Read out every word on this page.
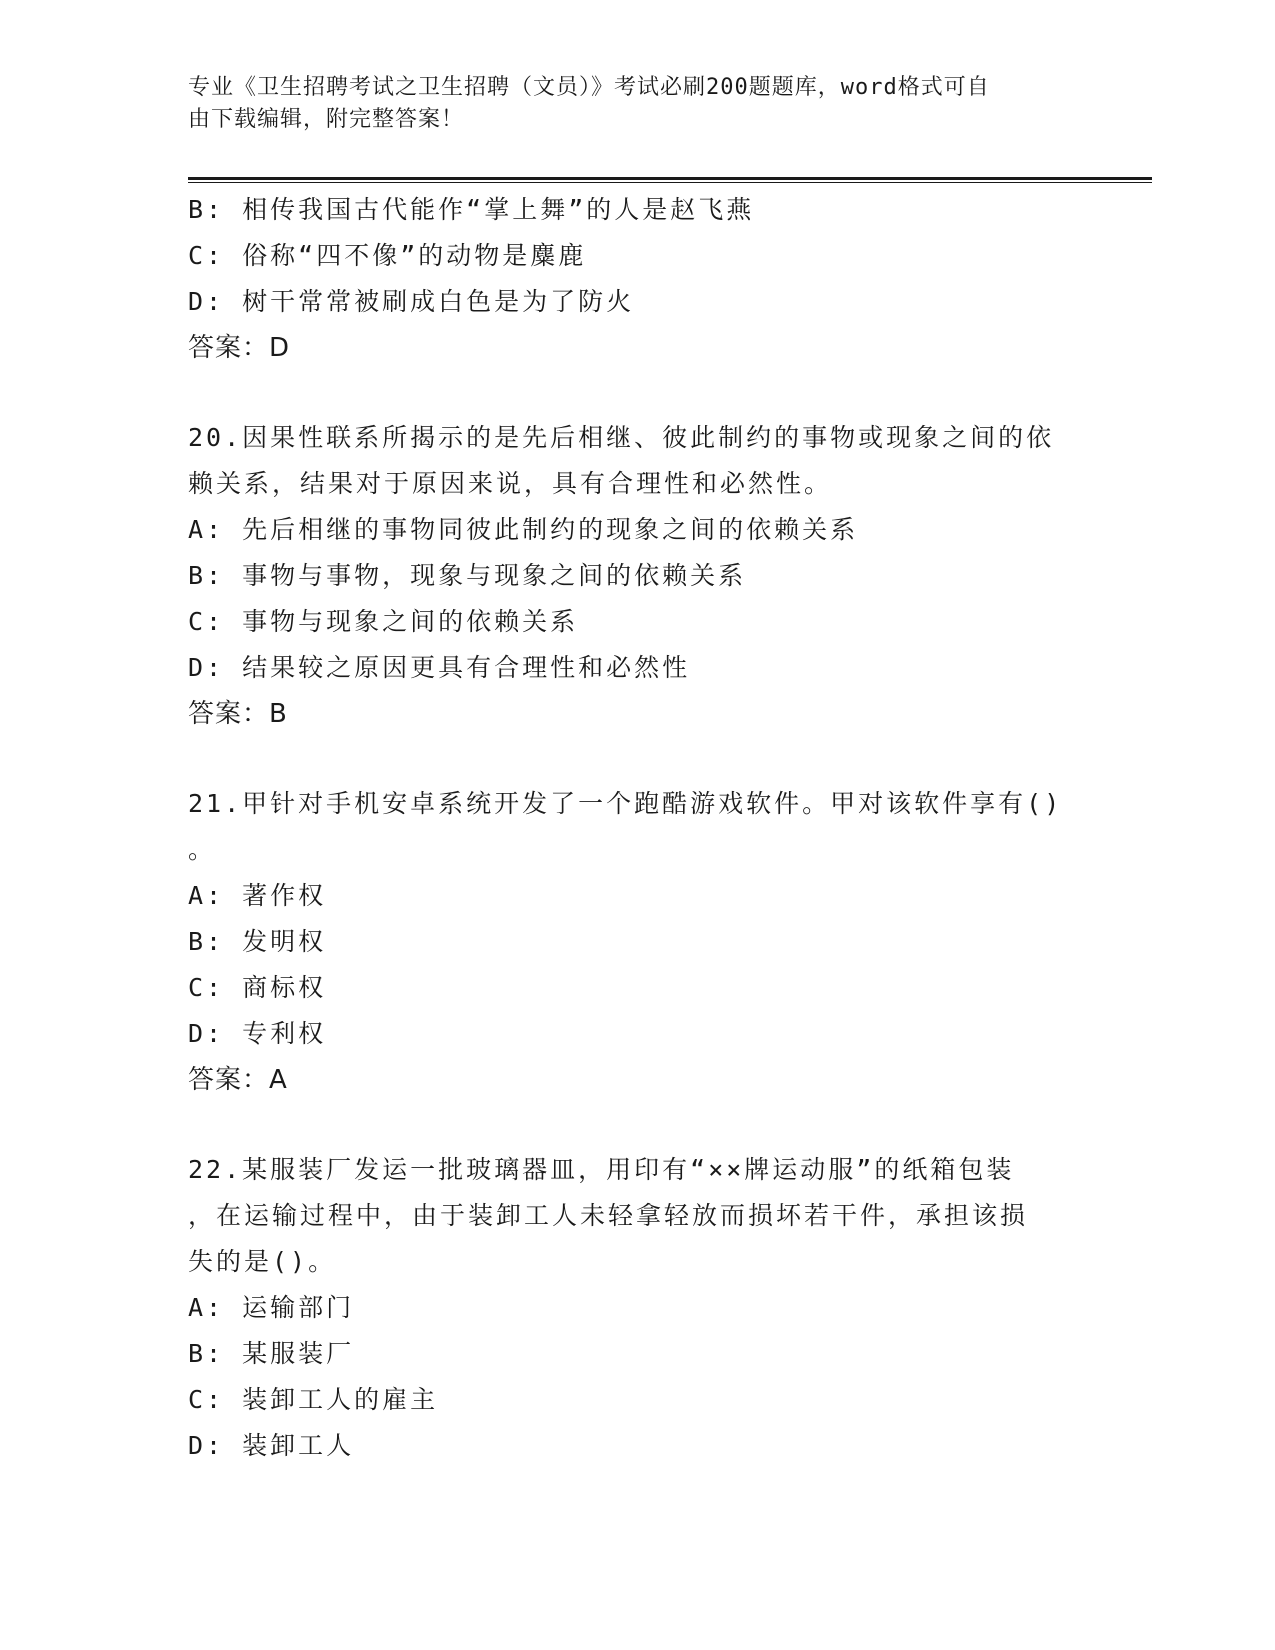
专业《卫生招聘考试之卫生招聘（文员）》考试必刷200题题库，word格式可自
由下载编辑，附完整答案！
B: 相传我国古代能作“掌上舞”的人是赵飞燕
C: 俗称“四不像”的动物是麋鹿
D: 树干常常被刷成白色是为了防火
答案：D
20.因果性联系所揭示的是先后相继、彼此制约的事物或现象之间的依
赖关系，结果对于原因来说，具有合理性和必然性。
A: 先后相继的事物同彼此制约的现象之间的依赖关系
B: 事物与事物，现象与现象之间的依赖关系
C: 事物与现象之间的依赖关系
D: 结果较之原因更具有合理性和必然性
答案：B
21.甲针对手机安卓系统开发了一个跑酷游戏软件。甲对该软件享有()
。
A: 著作权
B: 发明权
C: 商标权
D: 专利权
答案：A
22.某服装厂发运一批玻璃器皿，用印有“××牌运动服”的纸箱包装
，在运输过程中，由于装卸工人未轻拿轻放而损坏若干件，承担该损
失的是()。
A: 运输部门
B: 某服装厂
C: 装卸工人的雇主
D: 装卸工人
